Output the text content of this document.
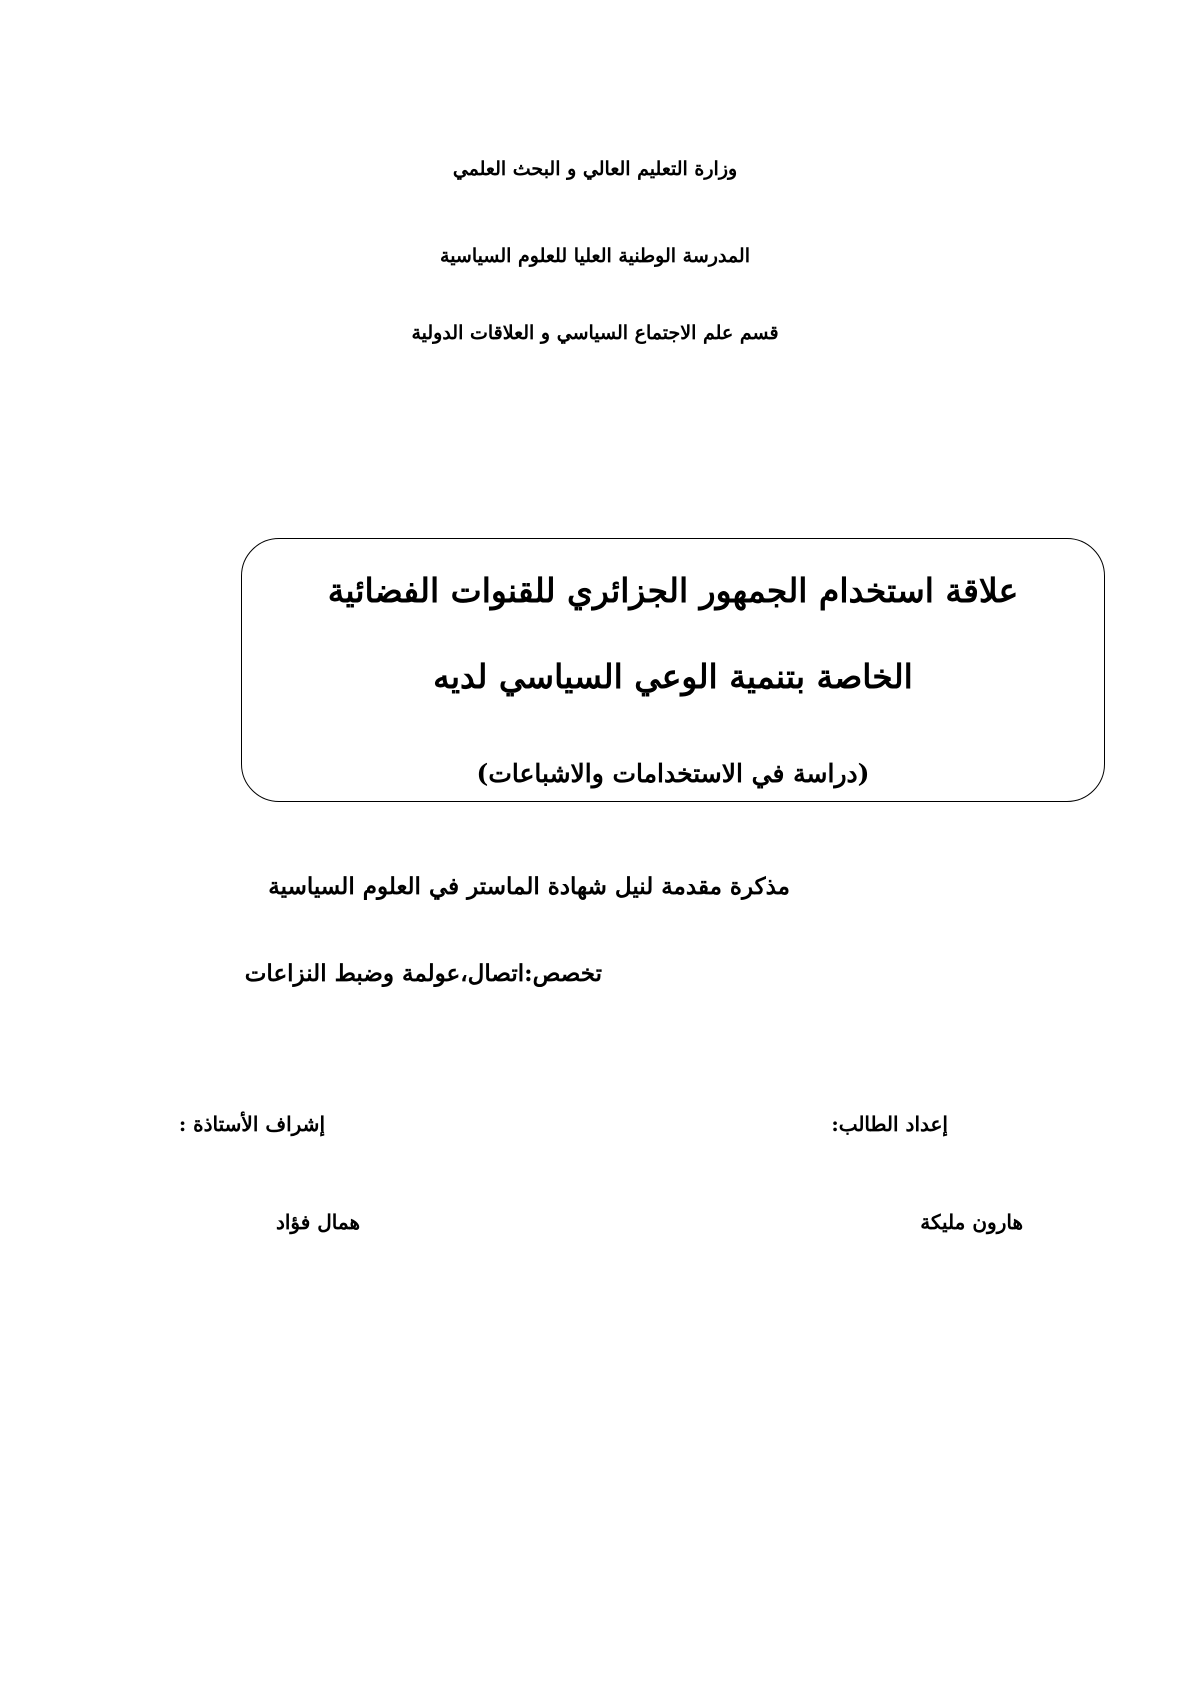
وزارة التعليم العالي و البحث العلمي
المدرسة الوطنية العليا للعلوم السياسية
قسم علم الاجتماع السياسي و العلاقات الدولية
علاقة استخدام الجمهور الجزائري للقنوات الفضائية
الخاصة بتنمية الوعي السياسي لديه
(دراسة في الاستخدامات والاشباعات)
مذكرة مقدمة لنيل شهادة الماستر في العلوم السياسية
تخصص:اتصال،عولمة وضبط النزاعات
إعداد الطالب:
إشراف الأستاذة :
هارون مليكة
همال فؤاد
